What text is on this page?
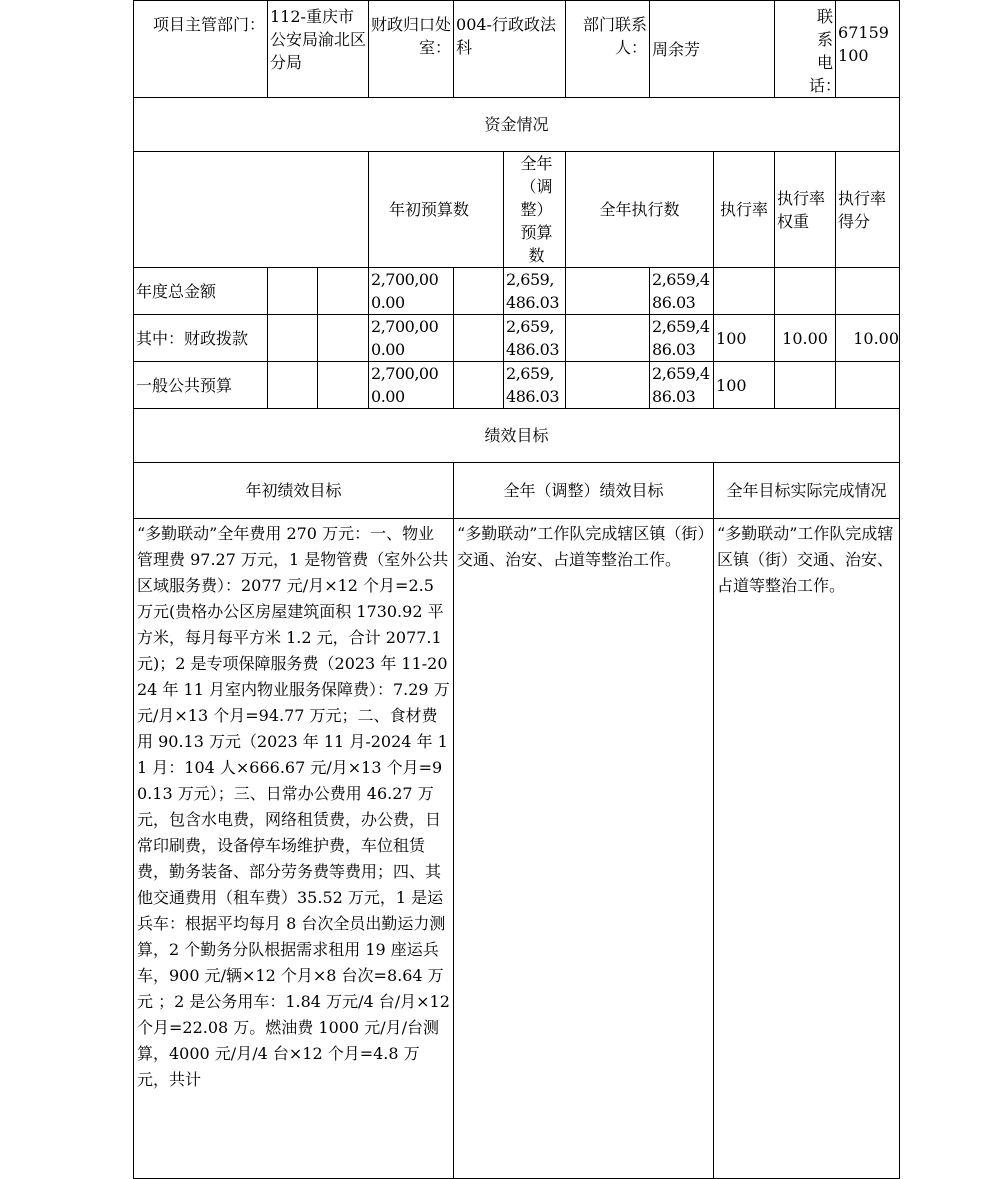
项目主管部门：	112-重庆市公安局渝北区分局		财政归口处室：	004-行政政法科		部门联系人：	周余芳		联系电话：	67159100
资金情况										
			年初预算数		全年（调整）预算数	全年执行数		执行率	执行率权重	执行率得分
年度总金额			2,700,000.00		2,659,486.03		2,659,486.03			
其中：财政拨款			2,700,000.00		2,659,486.03		2,659,486.03	100	10.00	10.00
一般公共预算			2,700,000.00		2,659,486.03		2,659,486.03	100		
绩效目标										
年初绩效目标				全年（调整）绩效目标				全年目标实际完成情况		
“多勤联动”全年费用 270 万元：一、物业管理费 97.27 万元，1 是物管费（室外公共区域服务费）：2077 元/月×12 个月=2.5 万元(贵格办公区房屋建筑面积 1730.92 平方米，每月每平方米 1.2 元，合计 2077.1 元)；2 是专项保障服务费（2023 年 11-2024 年 11 月室内物业服务保障费）：7.29 万元/月×13 个月=94.77 万元；二、食材费用 90.13 万元（2023 年 11 月-2024 年 11 月：104 人×666.67 元/月×13 个月=90.13 万元）；三、日常办公费用 46.27 万元，包含水电费，网络租赁费，办公费，日常印刷费，设备停车场维护费，车位租赁费，勤务装备、部分劳务费等费用；四、其他交通费用（租车费）35.52 万元，1 是运兵车：根据平均每月 8 台次全员出勤运力测算，2 个勤务分队根据需求租用 19 座运兵车，900 元/辆×12 个月×8 台次=8.64 万元 ；2 是公务用车：1.84 万元/4 台/月×12 个月=22.08 万。燃油费 1000 元/月/台测算，4000 元/月/4 台×12 个月=4.8 万元，共计				“多勤联动”工作队完成辖区镇（街）交通、治安、占道等整治工作。				“多勤联动”工作队完成辖区镇（街）交通、治安、占道等整治工作。		
